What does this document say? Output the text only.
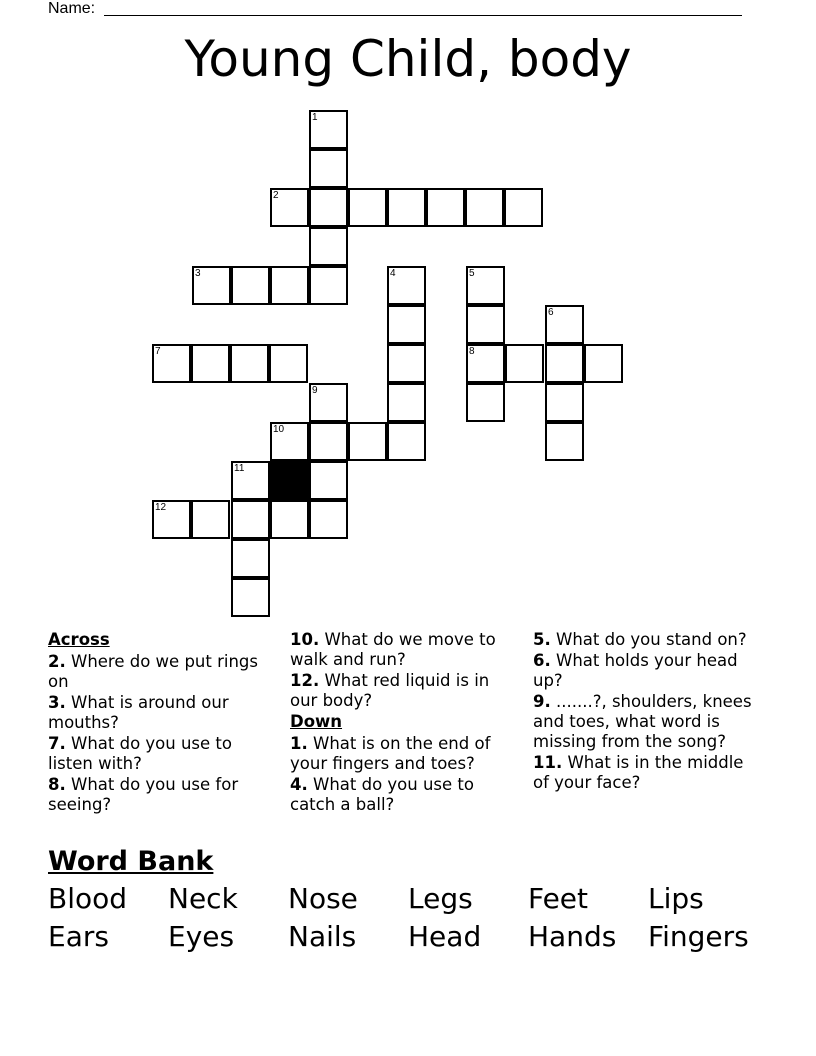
Name:
Young Child, body
1
2
3	4	5
8
6
7
9
10
11
12
Across
2. Where do we put rings on
3. What is around our mouths?
7. What do you use to listen with?
8. What do you use for seeing?
10. What do we move to walk and run?
12. What red liquid is in our body?
Down
1. What is on the end of your fingers and toes?
4. What do you use to catch a ball?
5. What do you stand on?
6. What holds your head up?
9. .......?, shoulders, knees and toes, what word is missing from the song?
11. What is in the middle of your face?
Word Bank
Blood Neck Nose Legs Feet Lips
Ears Eyes Nails Head Hands Fingers
